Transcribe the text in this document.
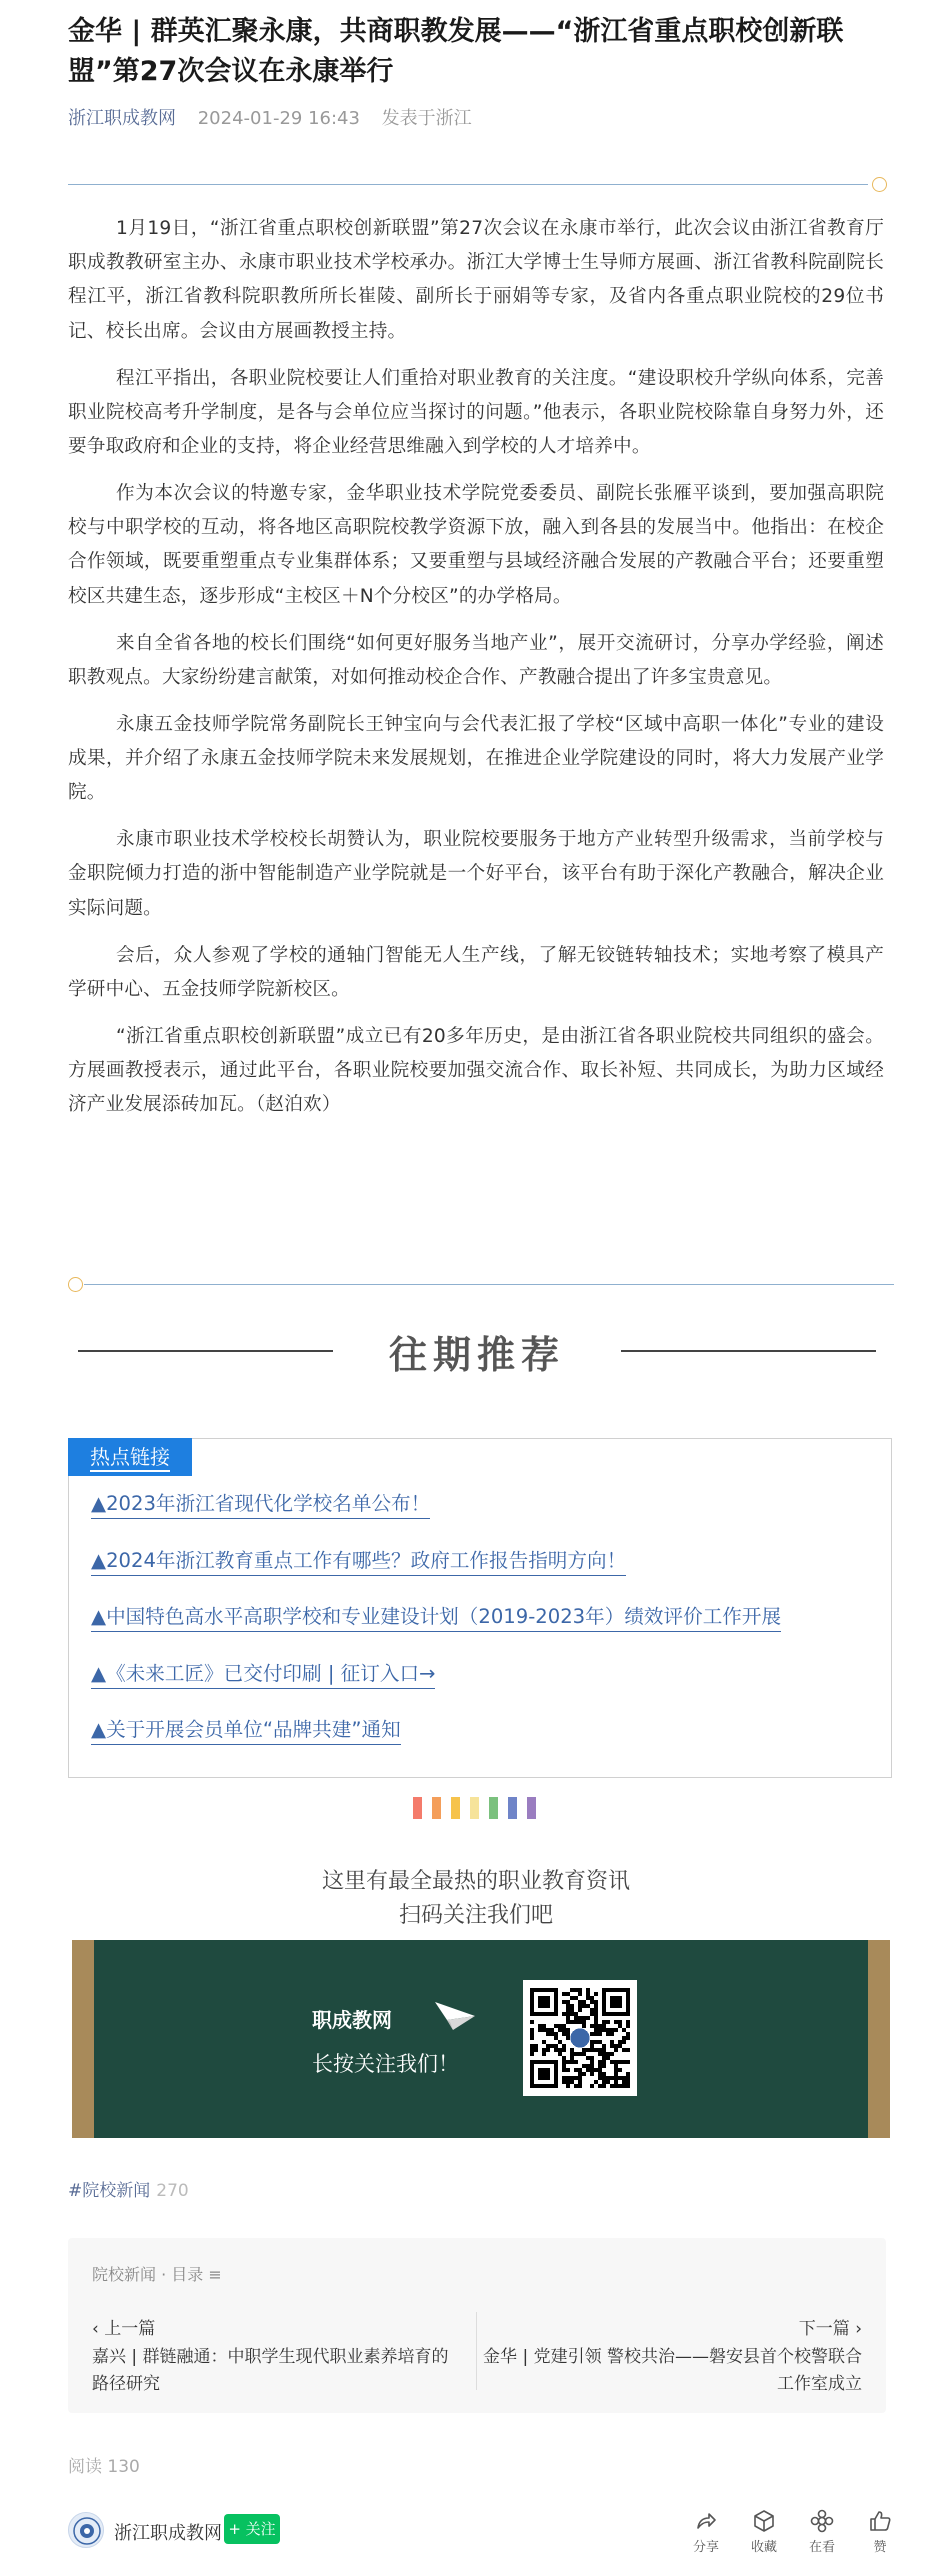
金华 | 群英汇聚永康，共商职教发展——“浙江省重点职校创新联盟”第27次会议在永康举行
浙江职成教网 2024-01-29 16:43 发表于浙江

1月19日，“浙江省重点职校创新联盟”第27次会议在永康市举行，此次会议由浙江省教育厅职成教教研室主办、永康市职业技术学校承办。浙江大学博士生导师方展画、浙江省教科院副院长程江平，浙江省教科院职教所所长崔陵、副所长于丽娟等专家，及省内各重点职业院校的29位书记、校长出席。会议由方展画教授主持。

程江平指出，各职业院校要让人们重拾对职业教育的关注度。“建设职校升学纵向体系，完善职业院校高考升学制度，是各与会单位应当探讨的问题。”他表示，各职业院校除靠自身努力外，还要争取政府和企业的支持，将企业经营思维融入到学校的人才培养中。

作为本次会议的特邀专家，金华职业技术学院党委委员、副院长张雁平谈到，要加强高职院校与中职学校的互动，将各地区高职院校教学资源下放，融入到各县的发展当中。他指出：在校企合作领域，既要重塑重点专业集群体系；又要重塑与县域经济融合发展的产教融合平台；还要重塑校区共建生态，逐步形成“主校区＋N个分校区”的办学格局。

来自全省各地的校长们围绕“如何更好服务当地产业”，展开交流研讨，分享办学经验，阐述职教观点。大家纷纷建言献策，对如何推动校企合作、产教融合提出了许多宝贵意见。

永康五金技师学院常务副院长王钟宝向与会代表汇报了学校“区域中高职一体化”专业的建设成果，并介绍了永康五金技师学院未来发展规划，在推进企业学院建设的同时，将大力发展产业学院。

永康市职业技术学校校长胡赞认为，职业院校要服务于地方产业转型升级需求，当前学校与金职院倾力打造的浙中智能制造产业学院就是一个好平台，该平台有助于深化产教融合，解决企业实际问题。

会后，众人参观了学校的通轴门智能无人生产线，了解无铰链转轴技术；实地考察了模具产学研中心、五金技师学院新校区。

“浙江省重点职校创新联盟”成立已有20多年历史，是由浙江省各职业院校共同组织的盛会。方展画教授表示，通过此平台，各职业院校要加强交流合作、取长补短、共同成长，为助力区域经济产业发展添砖加瓦。（赵泊欢）

往期推荐
热点链接
▲2023年浙江省现代化学校名单公布！
▲2024年浙江教育重点工作有哪些？政府工作报告指明方向！
▲中国特色高水平高职学校和专业建设计划（2019-2023年）绩效评价工作开展
▲《未来工匠》已交付印刷 | 征订入口→
▲关于开展会员单位“品牌共建”通知
这里有最全最热的职业教育资讯
扫码关注我们吧
职成教网
长按关注我们！
#院校新闻 270
院校新闻 · 目录 ≡
‹ 上一篇
嘉兴 | 群链融通：中职学生现代职业素养培育的路径研究
下一篇 ›
金华 | 党建引领 警校共治——磐安县首个校警联合工作室成立
阅读 130
浙江职成教网 + 关注
分享	收藏	在看	赞
